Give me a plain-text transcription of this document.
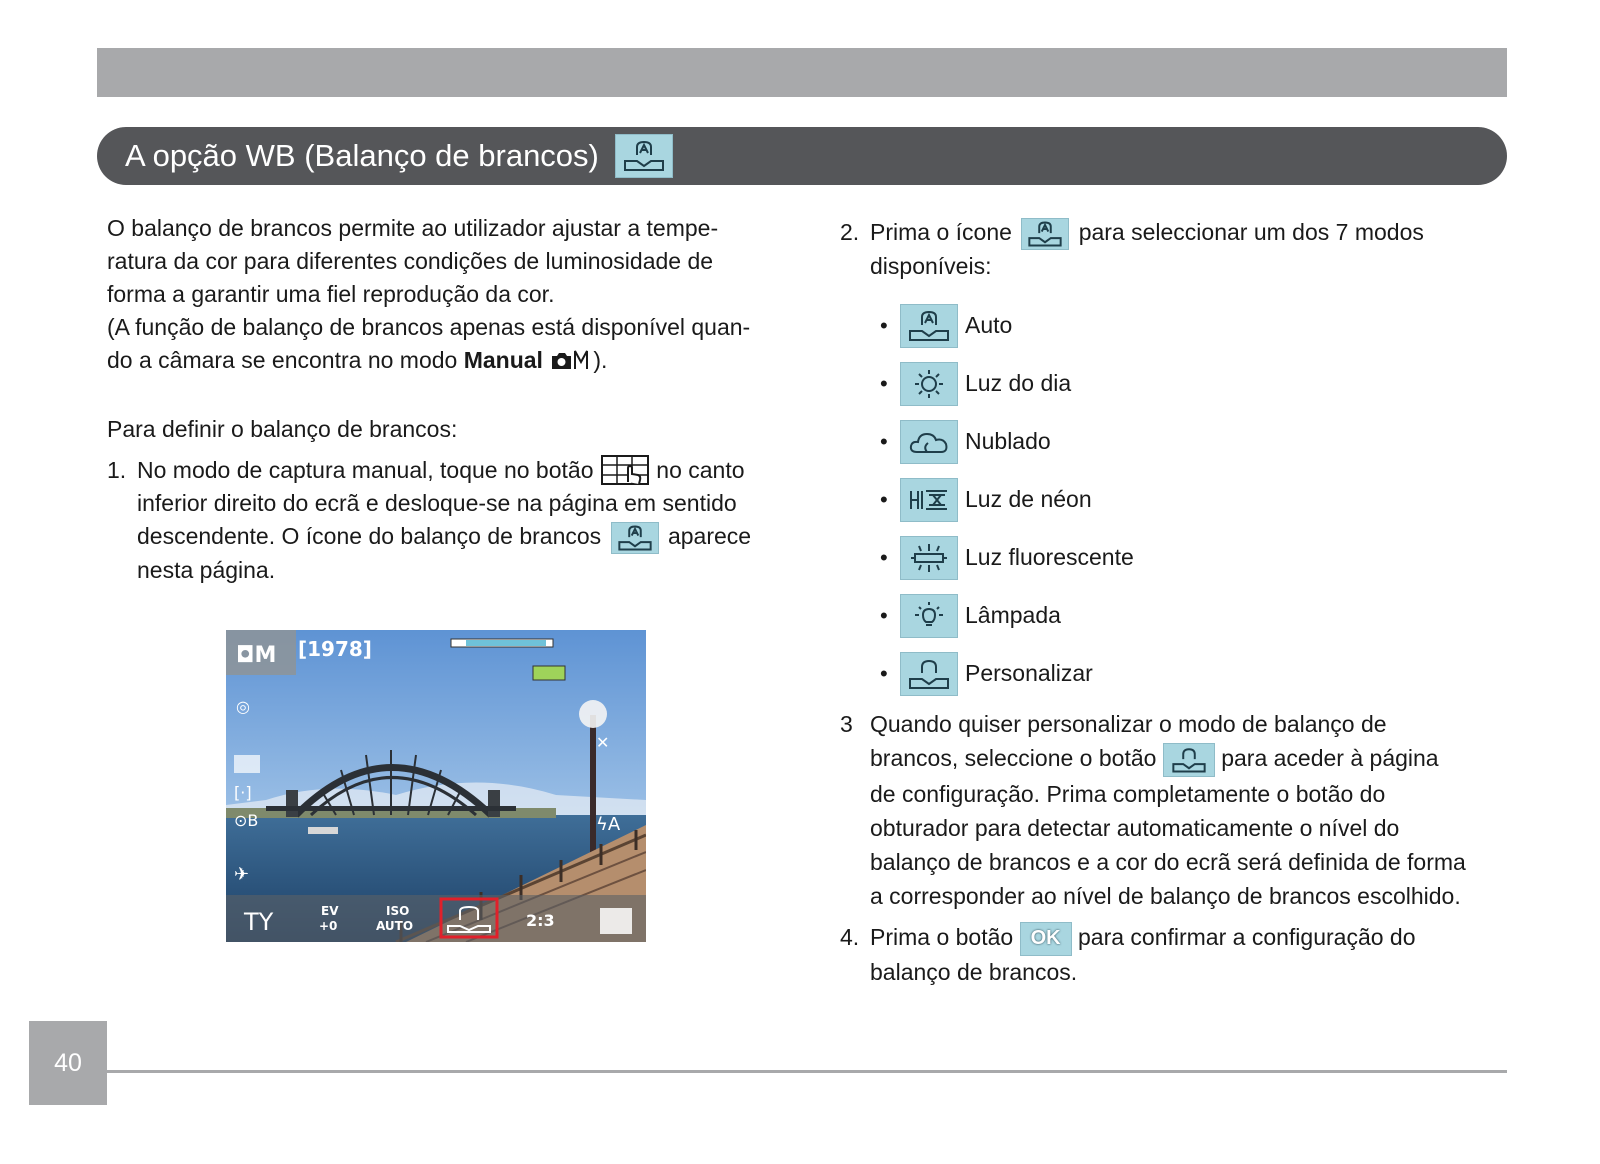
A opção WB (Balanço de brancos)

O balanço de brancos permite ao utilizador ajustar a tempe-

ratura da cor para diferentes condições de luminosidade de

forma a garantir uma fiel reprodução da cor.

(A função de balanço de brancos apenas está disponível quan-

do a câmara se encontra no modo Manual ).

Para definir o balanço de brancos:

1. No modo de captura manual, toque no botão	no canto
inferior direito do ecrã e desloque-se na página em sentido
descendente. O ícone do balanço de brancos	aparece
nesta página.
◘M [1978]
◎
[·]
⊙B
✈
✕
ϟA
TY	EV
+0
ISO
AUTO	2:3
2. Prima o ícone	para seleccionar um dos 7 modos
disponíveis:
•	Auto
•	Luz do dia
•	Nublado
•	Luz de néon
•	Luz fluorescente
•	Lâmpada
•	Personalizar
3 Quando quiser personalizar o modo de balanço de
brancos, seleccione o botão	para aceder à página
de configuração. Prima completamente o botão do
obturador para detectar automaticamente o nível do
balanço de brancos e a cor do ecrã será definida de forma
a corresponder ao nível de balanço de brancos escolhido.
4. Prima o botão OK para confirmar a configuração do
balanço de brancos.
40
